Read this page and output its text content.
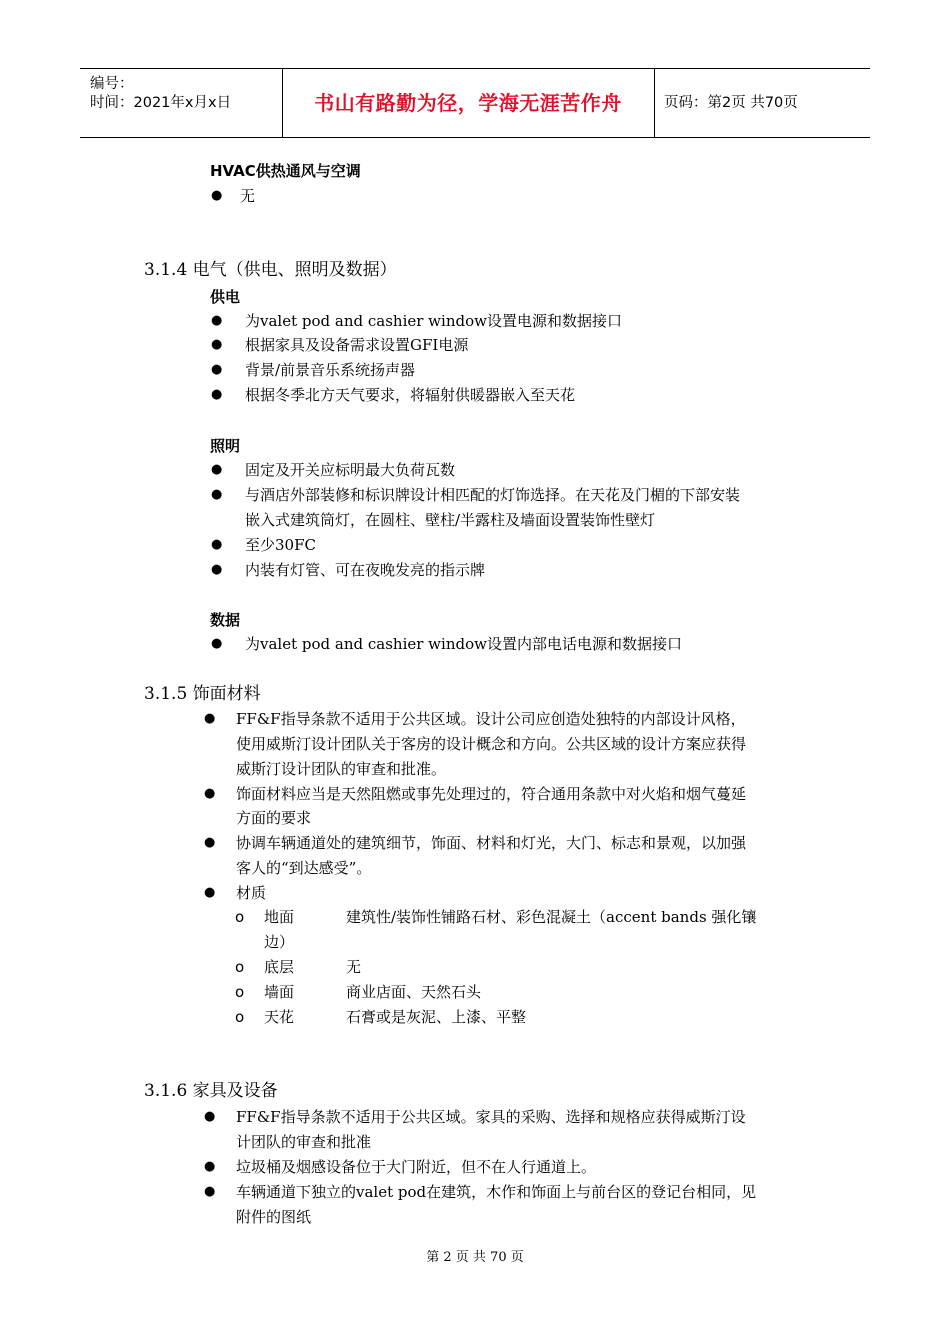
编号：
时间：2021年x月x日	书山有路勤为径，学海无涯苦作舟	页码：第2页 共70页
HVAC供热通风与空调
● 无
3.1.4 电气（供电、照明及数据）
供电
● 为valet pod and cashier window设置电源和数据接口
● 根据家具及设备需求设置GFI电源
● 背景/前景音乐系统扬声器
● 根据冬季北方天气要求，将辐射供暖器嵌入至天花
照明
● 固定及开关应标明最大负荷瓦数
● 与酒店外部装修和标识牌设计相匹配的灯饰选择。在天花及门楣的下部安装
嵌入式建筑筒灯，在圆柱、壁柱/半露柱及墙面设置装饰性壁灯
● 至少30FC
● 内装有灯管、可在夜晚发亮的指示牌
数据
● 为valet pod and cashier window设置内部电话电源和数据接口
3.1.5 饰面材料
● FF&F指导条款不适用于公共区域。设计公司应创造处独特的内部设计风格，
使用威斯汀设计团队关于客房的设计概念和方向。公共区域的设计方案应获得
威斯汀设计团队的审查和批准。
● 饰面材料应当是天然阻燃或事先处理过的，符合通用条款中对火焰和烟气蔓延
方面的要求
● 协调车辆通道处的建筑细节，饰面、材料和灯光，大门、标志和景观，以加强
客人的“到达感受”。
● 材质
o 地面	建筑性/装饰性铺路石材、彩色混凝土（accent bands 强化镶
边）
o 底层	无
o 墙面	商业店面、天然石头
o 天花	石膏或是灰泥、上漆、平整
3.1.6 家具及设备
● FF&F指导条款不适用于公共区域。家具的采购、选择和规格应获得威斯汀设
计团队的审查和批准
● 垃圾桶及烟感设备位于大门附近，但不在人行通道上。
● 车辆通道下独立的valet pod在建筑，木作和饰面上与前台区的登记台相同，见
附件的图纸
第 2 页 共 70 页
